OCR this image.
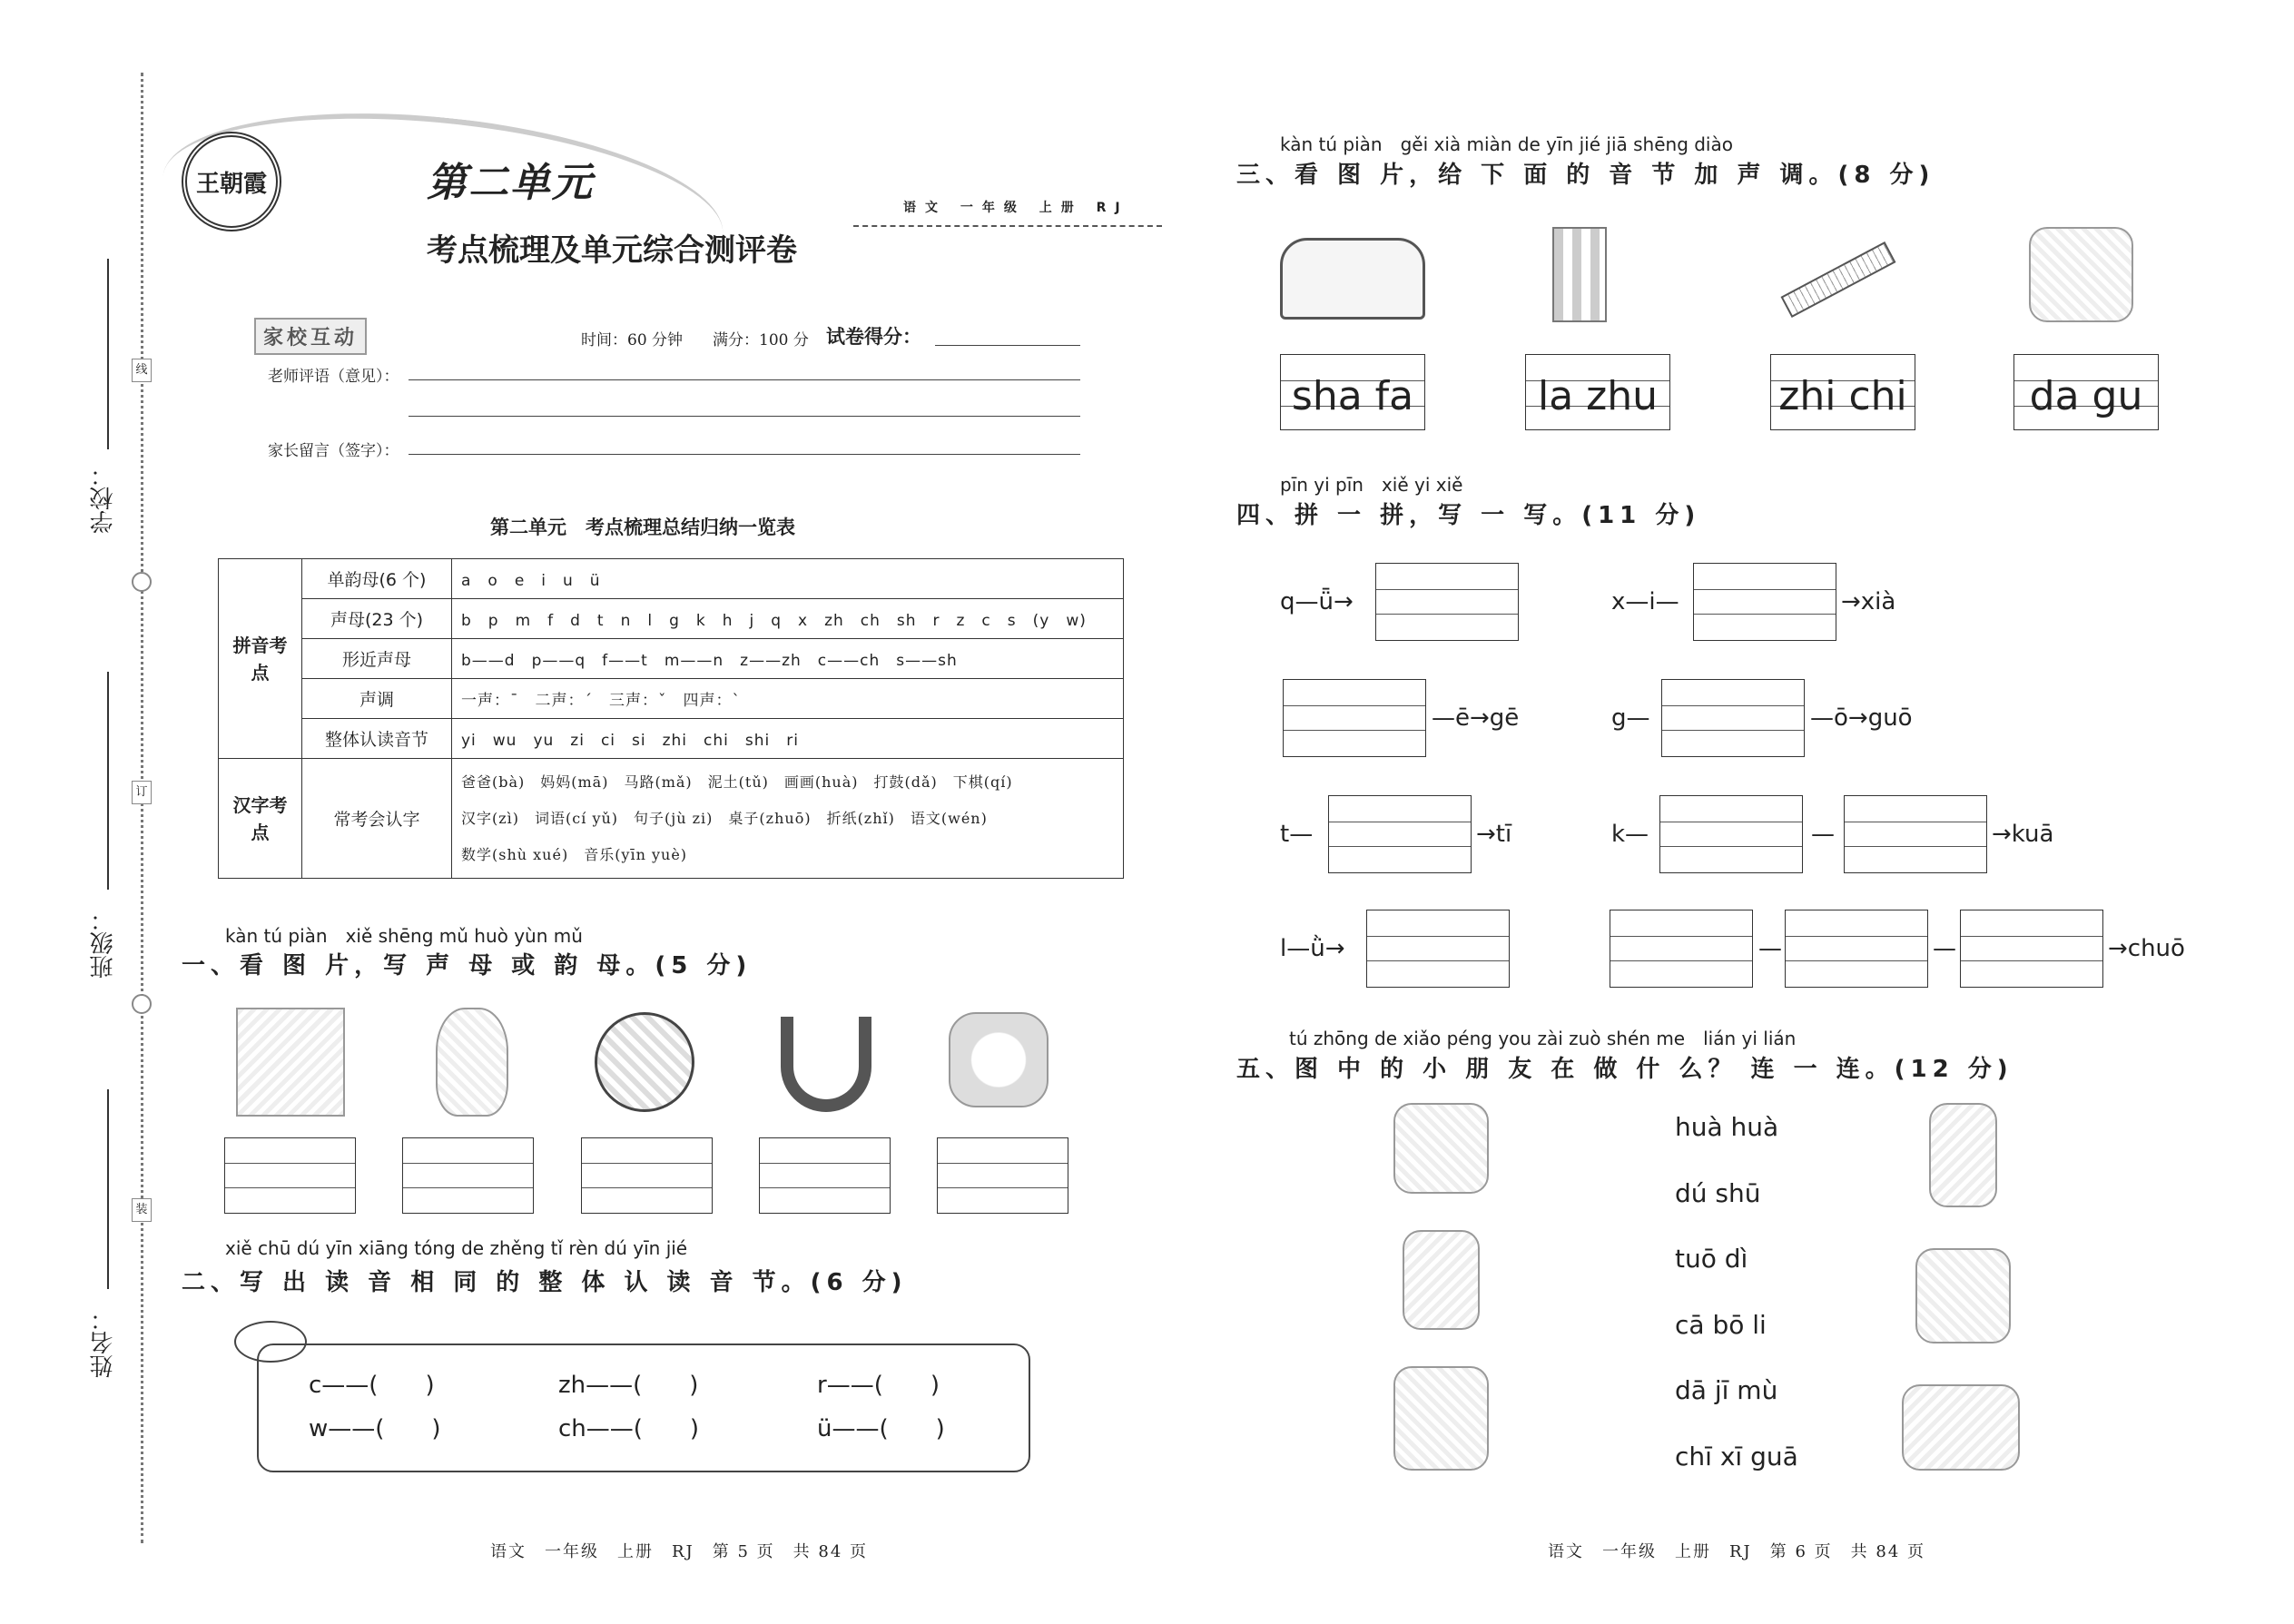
姓名：
班级：
学校：
线
订
装
王朝霞	第二单元
考点梳理及单元综合测评卷
语文 一年级 上册 RJ
家校互动	时间：60 分钟 满分：100 分 试卷得分：
老师评语（意见）：
家长留言（签字）：
第二单元　考点梳理总结归纳一览表
拼音考点	单韵母(6 个)	a　o　e　i　u　ü
	声母(23 个)	b　p　m　f　d　t　n　l　g　k　h　j　q　x　zh　ch　sh　r　z　c　s　(y　w)
	形近声母	b——d　p——q　f——t　m——n　z——zh　c——ch　s——sh
	声调	一声：ˉ　二声：ˊ　三声：ˇ　四声：ˋ
	整体认读音节	yi　wu　yu　zi　ci　si　zhi　chi　shi　ri
汉字考点	常考会认字	爸爸(bà)　妈妈(mā)　马路(mǎ)　泥土(tǔ)　画画(huà)　打鼓(dǎ)　下棋(qí)
汉字(zì)　词语(cí yǔ)　句子(jù zi)　桌子(zhuō)　折纸(zhǐ)　语文(wén)
数学(shù xué)　音乐(yīn yuè)
kàn tú piàn　xiě shēng mǔ huò yùn mǔ
一、看 图 片，写 声 母 或 韵 母。(5 分)
xiě chū dú yīn xiāng tóng de zhěng tǐ rèn dú yīn jié
二、写 出 读 音 相 同 的 整 体 认 读 音 节。(6 分)
c——(　　)	zh——(　　)	r——(　　)
w——(　　)	ch——(　　)	ü——(　　)
kàn tú piàn　gěi xià miàn de yīn jié jiā shēng diào
三、看 图 片，给 下 面 的 音 节 加 声 调。(8 分)
sha fa	la zhu	zhi chi	da gu
pīn yi pīn　xiě yi xiě
四、拼 一 拼，写 一 写。(11 分)
q—ǖ→	x—i—	→xià
—ē→gē	g—	—ō→guō
t—	→tī	k—	—	→kuā
l—ǜ→	—	—	→chuō
tú zhōng de xiǎo péng you zài zuò shén me　lián yi lián
五、图 中 的 小 朋 友 在 做 什 么？ 连 一 连。(12 分)
huà huà
dú shū
tuō dì
cā bō li
dā jī mù
chī xī guā
语文　一年级　上册　RJ　第 5 页　共 84 页	语文　一年级　上册　RJ　第 6 页　共 84 页
